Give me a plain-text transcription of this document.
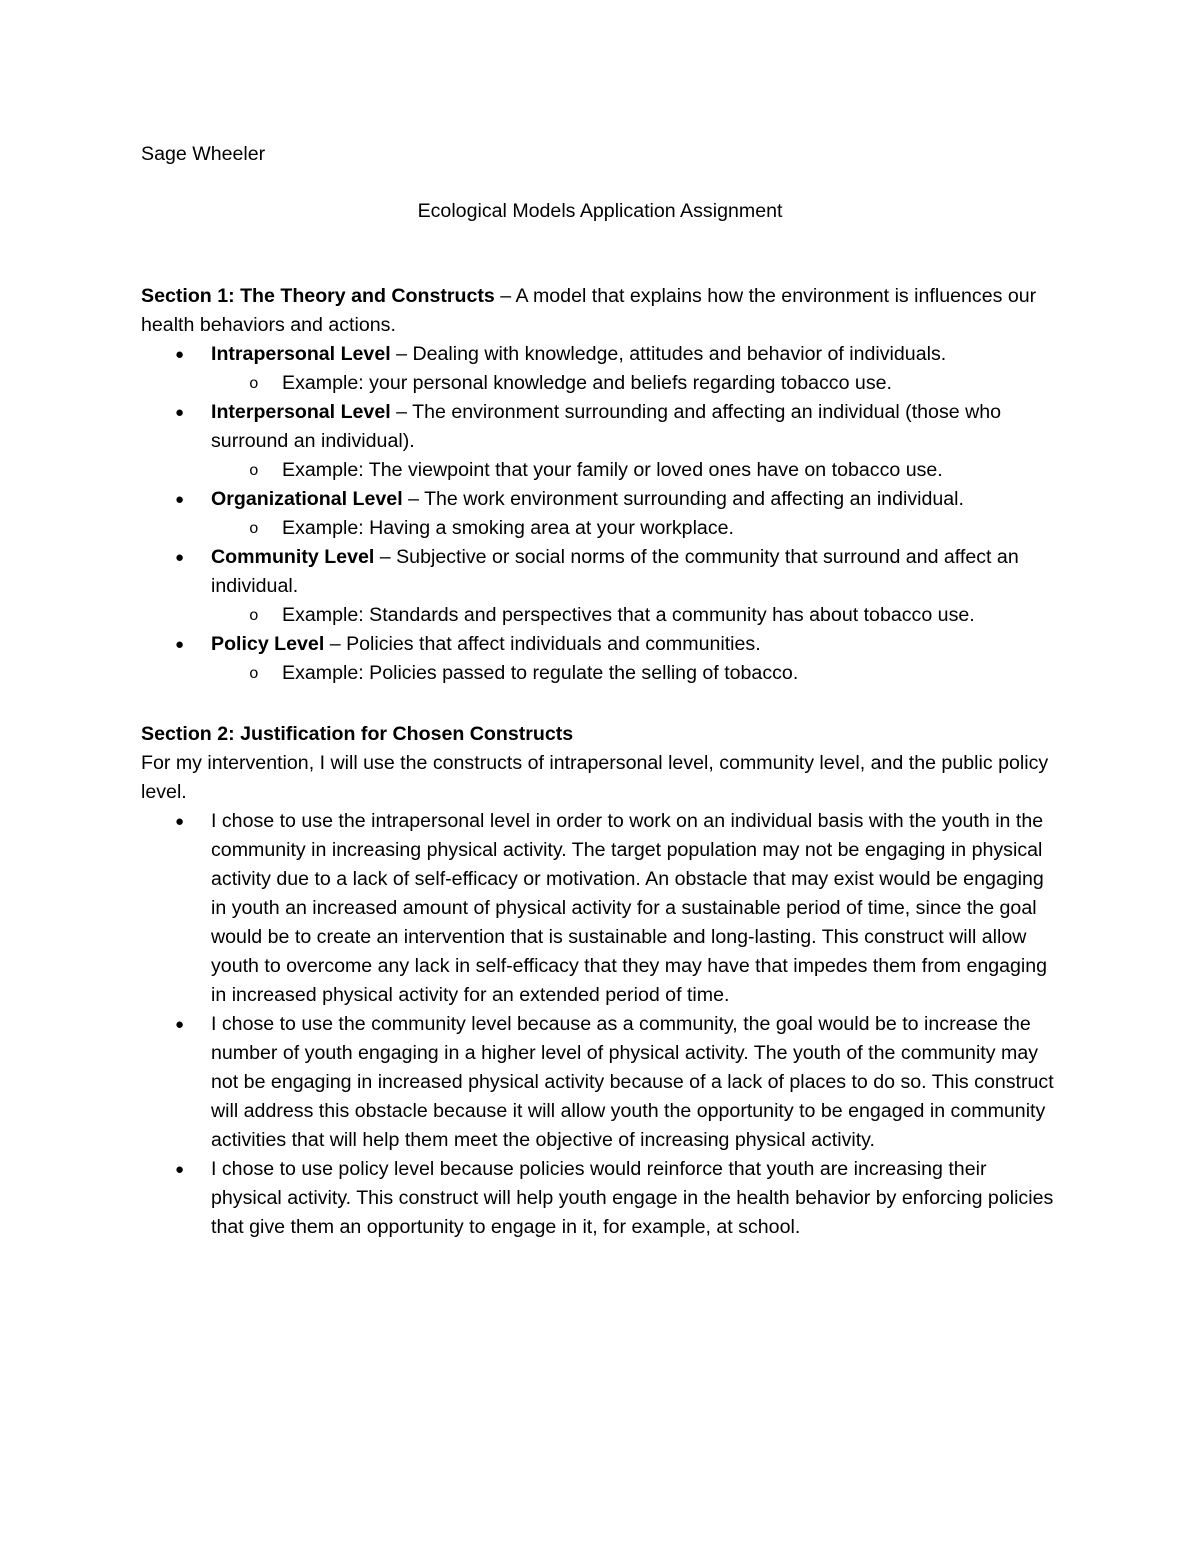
Sage Wheeler
Ecological Models Application Assignment

Section 1: The Theory and Constructs – A model that explains how the environment is influences our health behaviors and actions.

● Intrapersonal Level – Dealing with knowledge, attitudes and behavior of individuals.
o Example: your personal knowledge and beliefs regarding tobacco use.
● Interpersonal Level – The environment surrounding and affecting an individual (those who surround an individual).
o Example: The viewpoint that your family or loved ones have on tobacco use.
● Organizational Level – The work environment surrounding and affecting an individual.
o Example: Having a smoking area at your workplace.
● Community Level – Subjective or social norms of the community that surround and affect an individual.
o Example: Standards and perspectives that a community has about tobacco use.
● Policy Level – Policies that affect individuals and communities.
o Example: Policies passed to regulate the selling of tobacco.

Section 2: Justification for Chosen Constructs

For my intervention, I will use the constructs of intrapersonal level, community level, and the public policy level.

● I chose to use the intrapersonal level in order to work on an individual basis with the youth in the community in increasing physical activity. The target population may not be engaging in physical activity due to a lack of self-efficacy or motivation. An obstacle that may exist would be engaging in youth an increased amount of physical activity for a sustainable period of time, since the goal would be to create an intervention that is sustainable and long-lasting. This construct will allow youth to overcome any lack in self-efficacy that they may have that impedes them from engaging in increased physical activity for an extended period of time.
● I chose to use the community level because as a community, the goal would be to increase the number of youth engaging in a higher level of physical activity. The youth of the community may not be engaging in increased physical activity because of a lack of places to do so. This construct will address this obstacle because it will allow youth the opportunity to be engaged in community activities that will help them meet the objective of increasing physical activity.
● I chose to use policy level because policies would reinforce that youth are increasing their physical activity. This construct will help youth engage in the health behavior by enforcing policies that give them an opportunity to engage in it, for example, at school.
